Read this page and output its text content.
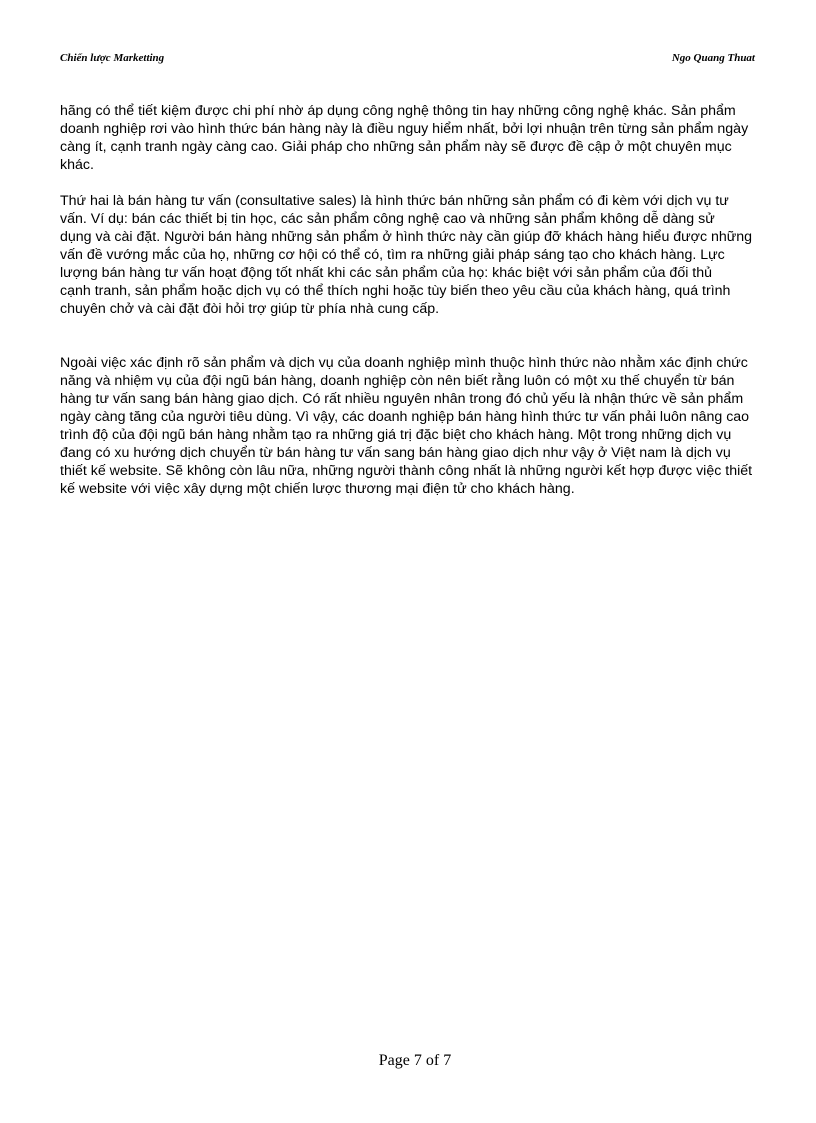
Chiến lược Marketting	Ngo Quang Thuat

hãng có thể tiết kiệm được chi phí nhờ áp dụng công nghệ thông tin hay những công nghệ khác. Sản phẩm

doanh nghiệp rơi vào hình thức bán hàng này là điều nguy hiểm nhất, bởi lợi nhuận trên từng sản phẩm ngày

càng ít, cạnh tranh ngày càng cao. Giải pháp cho những sản phẩm này sẽ được đề cập ở một chuyên mục

khác.

Thứ hai là bán hàng tư vấn (consultative sales) là hình thức bán những sản phẩm có đi kèm với dịch vụ tư

vấn. Ví dụ: bán các thiết bị tin học, các sản phẩm công nghệ cao và những sản phẩm không dễ dàng sử

dụng và cài đặt. Người bán hàng những sản phẩm ở hình thức này cần giúp đỡ khách hàng hiểu được những

vấn đề vướng mắc của họ, những cơ hội có thể có, tìm ra những giải pháp sáng tạo cho khách hàng. Lực

lượng bán hàng tư vấn hoạt động tốt nhất khi các sản phẩm của họ: khác biệt với sản phẩm của đối thủ

cạnh tranh, sản phẩm hoặc dịch vụ có thể thích nghi hoặc tùy biến theo yêu cầu của khách hàng, quá trình

chuyên chở và cài đặt đòi hỏi trợ giúp từ phía nhà cung cấp.

Ngoài việc xác định rõ sản phẩm và dịch vụ của doanh nghiệp mình thuộc hình thức nào nhằm xác định chức

năng và nhiệm vụ của đội ngũ bán hàng, doanh nghiệp còn nên biết rằng luôn có một xu thế chuyển từ bán

hàng tư vấn sang bán hàng giao dịch. Có rất nhiều nguyên nhân trong đó chủ yếu là nhận thức về sản phẩm

ngày càng tăng của người tiêu dùng. Vì vậy, các doanh nghiệp bán hàng hình thức tư vấn phải luôn nâng cao

trình độ của đội ngũ bán hàng nhằm tạo ra những giá trị đặc biệt cho khách hàng. Một trong những dịch vụ

đang có xu hướng dịch chuyển từ bán hàng tư vấn sang bán hàng giao dịch như vậy ở Việt nam là dịch vụ

thiết kế website. Sẽ không còn lâu nữa, những người thành công nhất là những người kết hợp được việc thiết

kế website với việc xây dựng một chiến lược thương mại điện tử cho khách hàng.

Page 7 of 7
